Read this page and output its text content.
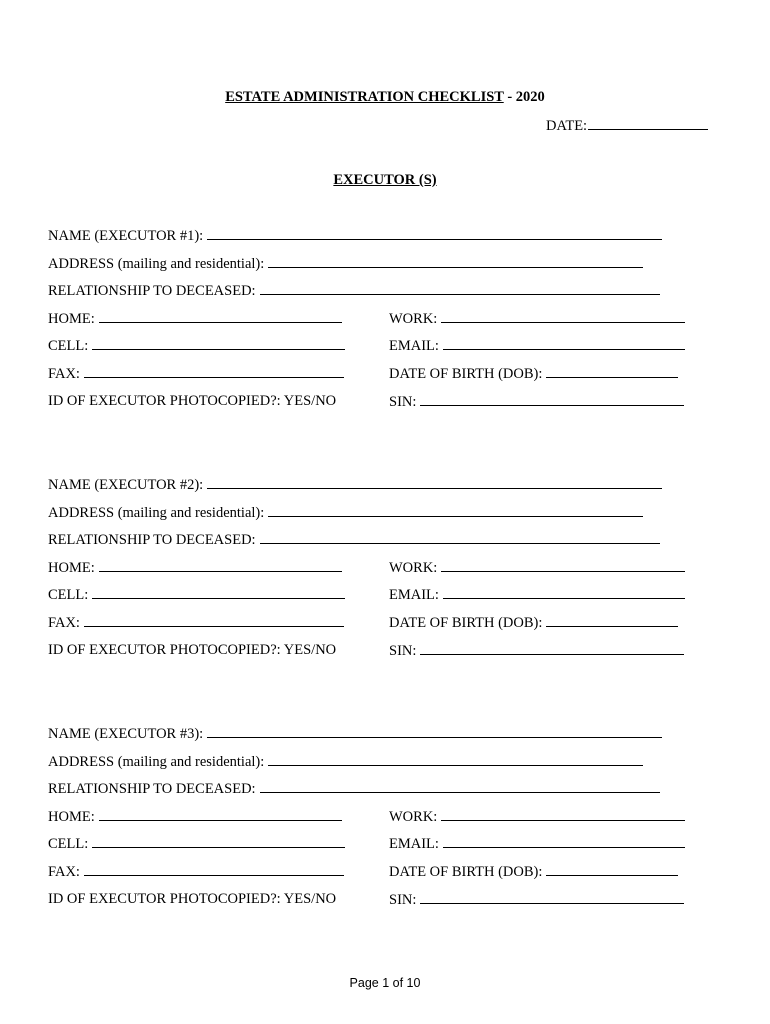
ESTATE ADMINISTRATION CHECKLIST - 2020
DATE:
EXECUTOR (S)
NAME (EXECUTOR #1):
ADDRESS (mailing and residential):
RELATIONSHIP TO DECEASED:
HOME:	WORK:
CELL:	EMAIL:
FAX:	DATE OF BIRTH (DOB):
ID OF EXECUTOR PHOTOCOPIED?: YES/NO	SIN:
NAME (EXECUTOR #2):
ADDRESS (mailing and residential):
RELATIONSHIP TO DECEASED:
HOME:	WORK:
CELL:	EMAIL:
FAX:	DATE OF BIRTH (DOB):
ID OF EXECUTOR PHOTOCOPIED?: YES/NO	SIN:
NAME (EXECUTOR #3):
ADDRESS (mailing and residential):
RELATIONSHIP TO DECEASED:
HOME:	WORK:
CELL:	EMAIL:
FAX:	DATE OF BIRTH (DOB):
ID OF EXECUTOR PHOTOCOPIED?: YES/NO	SIN:
Page 1 of 10
